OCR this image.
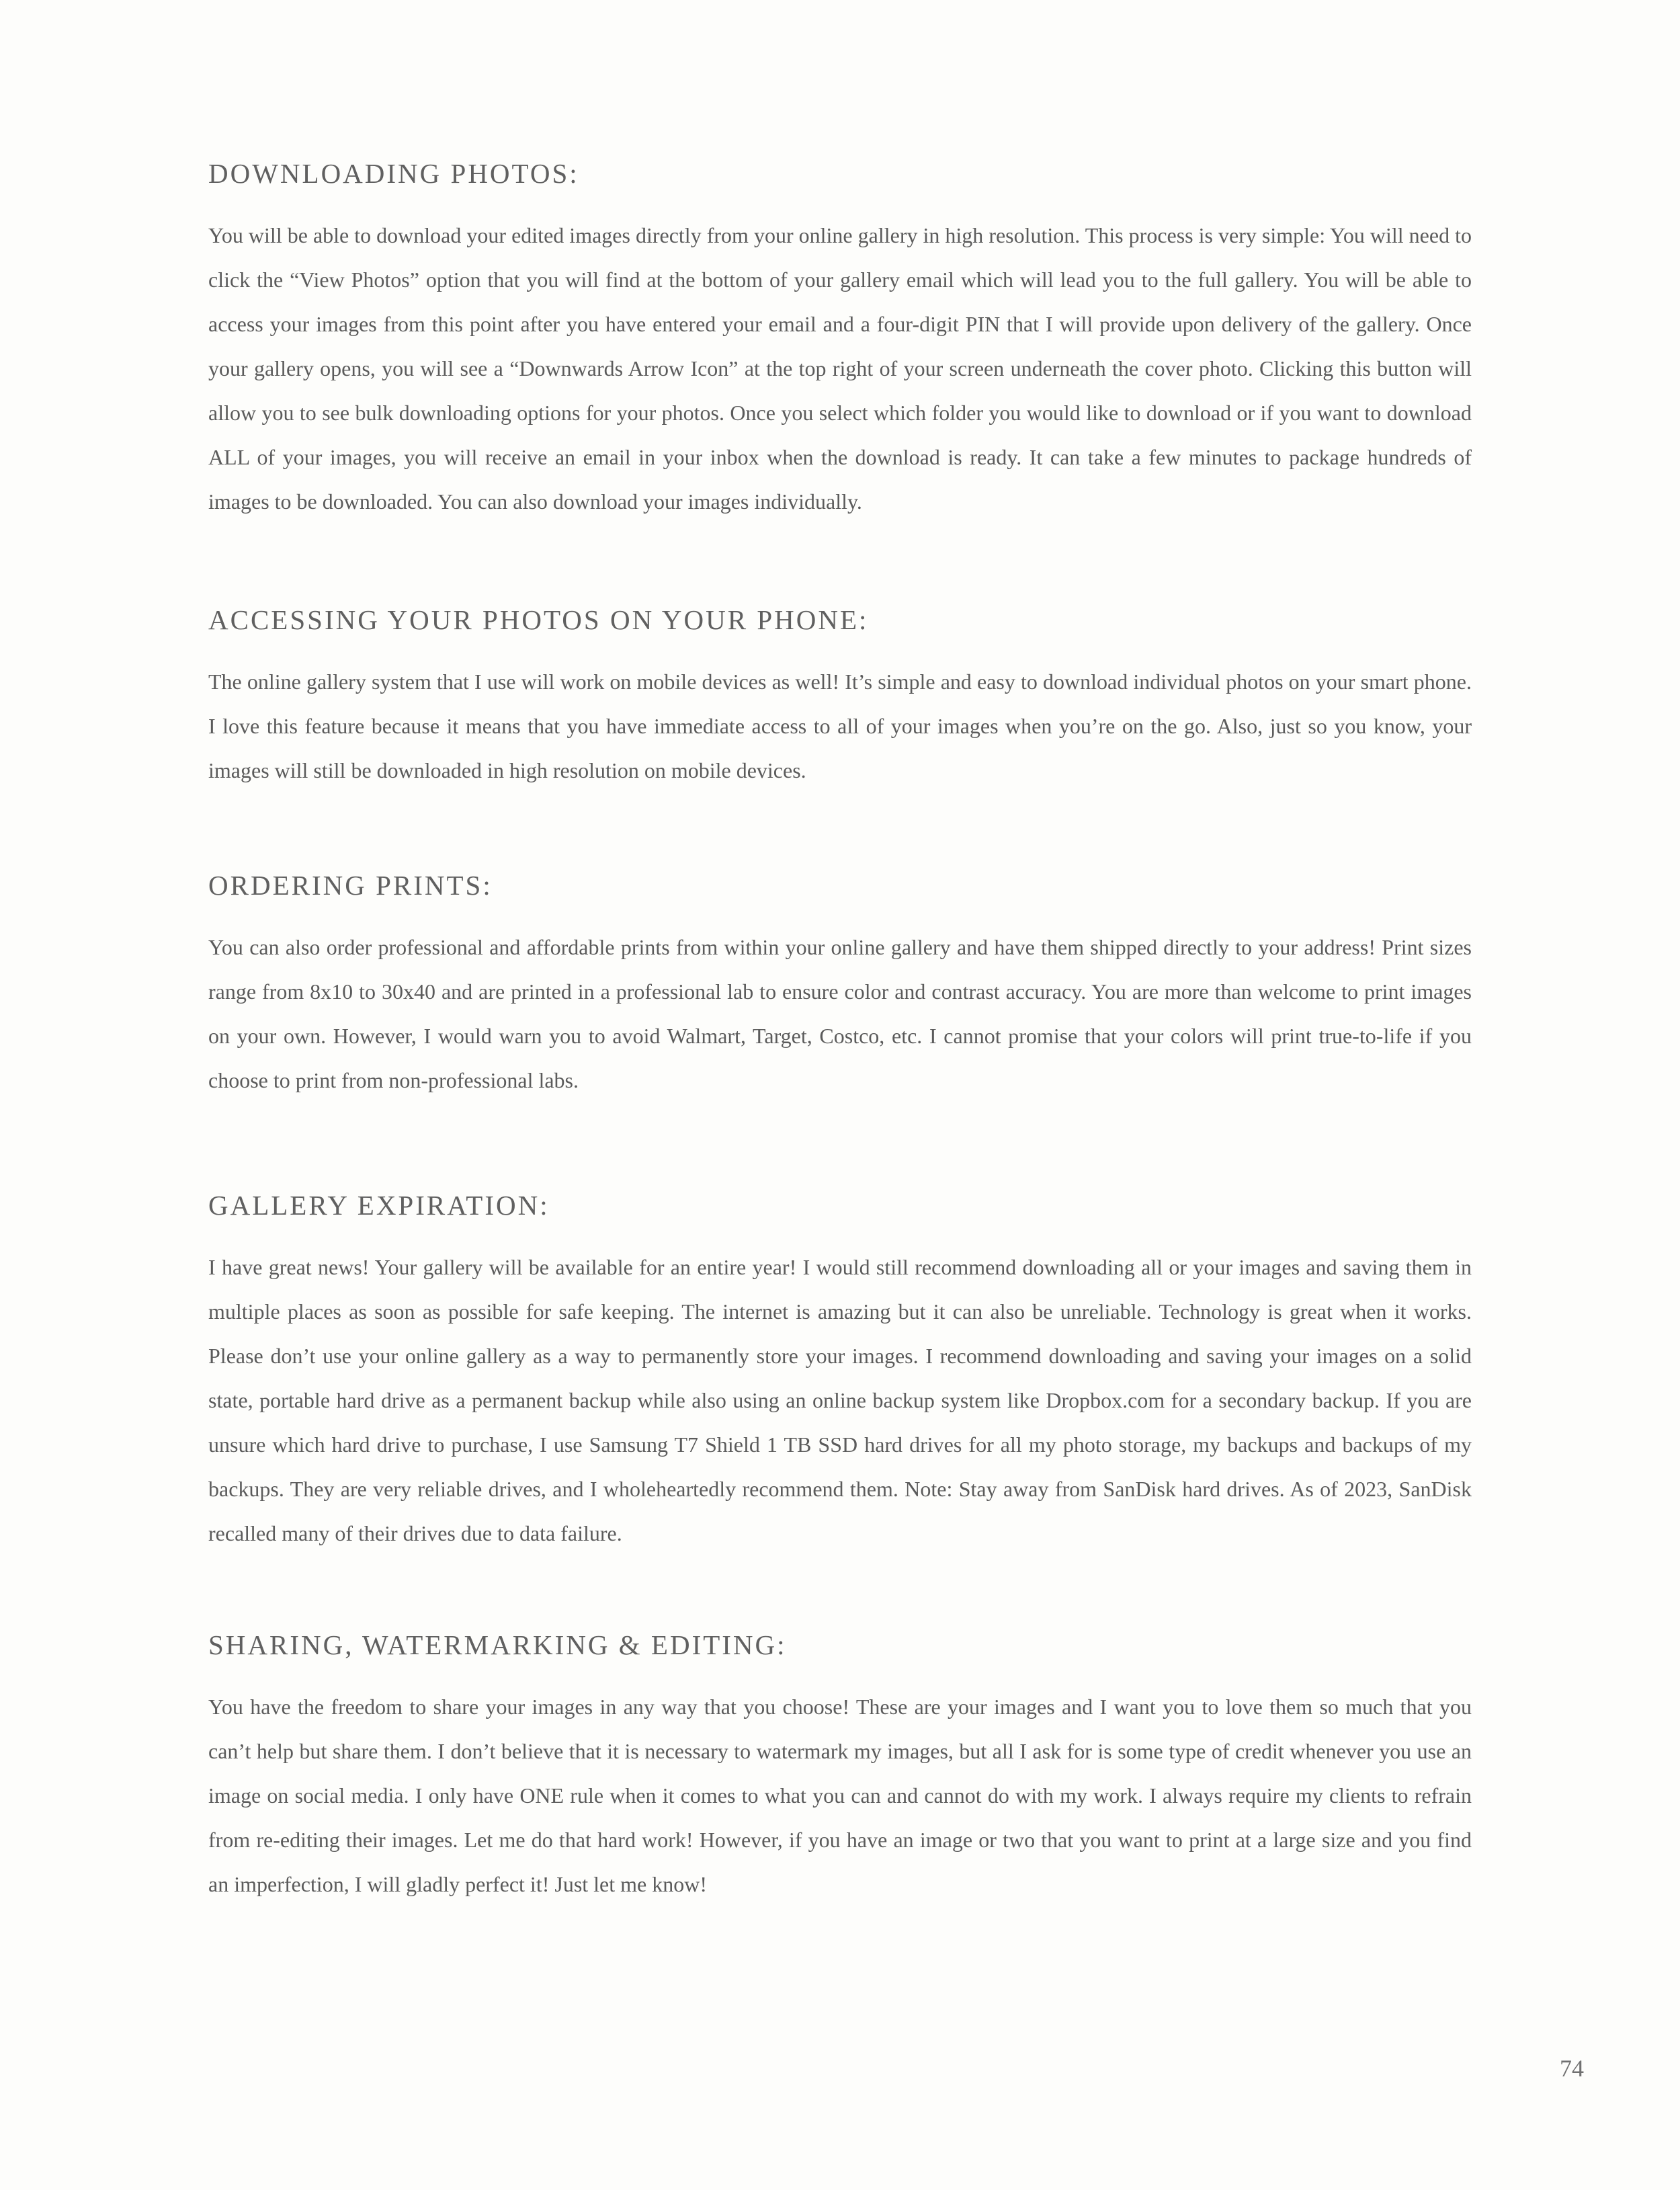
DOWNLOADING PHOTOS:

You will be able to download your edited images directly from your online gallery in high resolution. This process is very simple: You will need to click the “View Photos” option that you will find at the bottom of your gallery email which will lead you to the full gallery. You will be able to access your images from this point after you have entered your email and a four-digit PIN that I will provide upon delivery of the gallery. Once your gallery opens, you will see a “Downwards Arrow Icon” at the top right of your screen underneath the cover photo. Clicking this button will allow you to see bulk downloading options for your photos. Once you select which folder you would like to download or if you want to download ALL of your images, you will receive an email in your inbox when the download is ready. It can take a few minutes to package hundreds of images to be downloaded. You can also download your images individually.

ACCESSING YOUR PHOTOS ON YOUR PHONE:

The online gallery system that I use will work on mobile devices as well! It’s simple and easy to download individual photos on your smart phone. I love this feature because it means that you have immediate access to all of your images when you’re on the go. Also, just so you know, your images will still be downloaded in high resolution on mobile devices.

ORDERING PRINTS:

You can also order professional and affordable prints from within your online gallery and have them shipped directly to your address! Print sizes range from 8x10 to 30x40 and are printed in a professional lab to ensure color and contrast accuracy. You are more than welcome to print images on your own. However, I would warn you to avoid Walmart, Target, Costco, etc. I cannot promise that your colors will print true-to-life if you choose to print from non-professional labs.

GALLERY EXPIRATION:

I have great news! Your gallery will be available for an entire year! I would still recommend downloading all or your images and saving them in multiple places as soon as possible for safe keeping. The internet is amazing but it can also be unreliable. Technology is great when it works. Please don’t use your online gallery as a way to permanently store your images. I recommend downloading and saving your images on a solid state, portable hard drive as a permanent backup while also using an online backup system like Dropbox.com for a secondary backup. If you are unsure which hard drive to purchase, I use Samsung T7 Shield 1 TB SSD hard drives for all my photo storage, my backups and backups of my backups. They are very reliable drives, and I wholeheartedly recommend them. Note: Stay away from SanDisk hard drives. As of 2023, SanDisk recalled many of their drives due to data failure.

SHARING, WATERMARKING & EDITING:

You have the freedom to share your images in any way that you choose! These are your images and I want you to love them so much that you can’t help but share them. I don’t believe that it is necessary to watermark my images, but all I ask for is some type of credit whenever you use an image on social media. I only have ONE rule when it comes to what you can and cannot do with my work. I always require my clients to refrain from re-editing their images. Let me do that hard work! However, if you have an image or two that you want to print at a large size and you find an imperfection, I will gladly perfect it! Just let me know!

74
